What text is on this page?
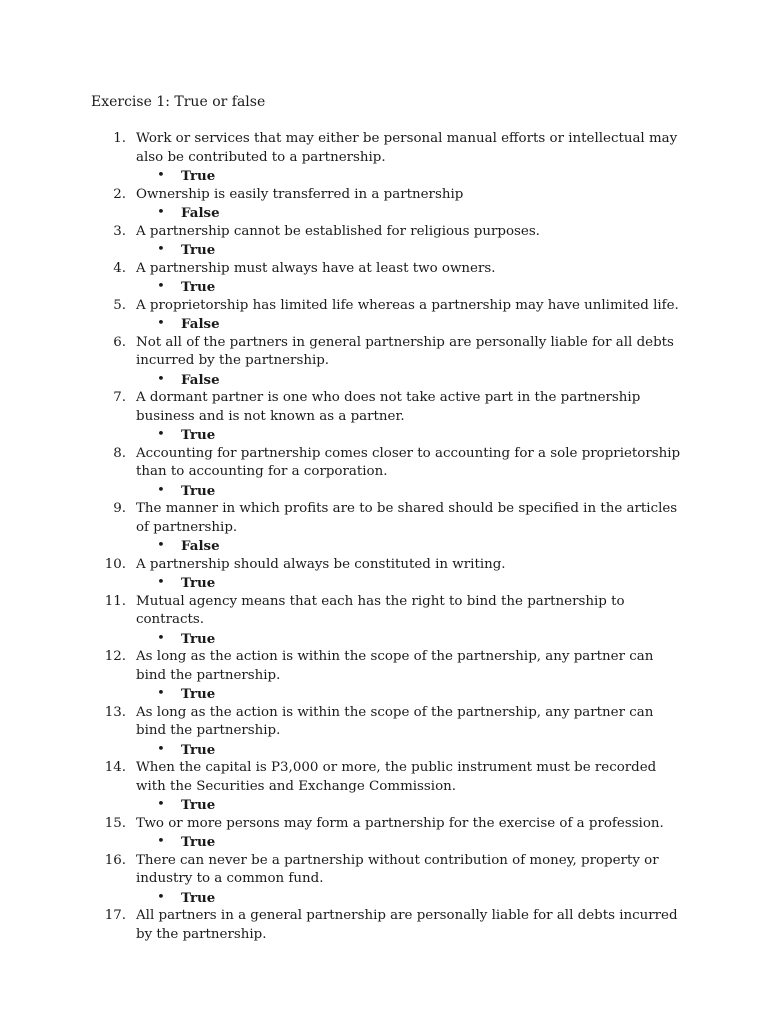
Exercise 1: True or false
1. Work or services that may either be personal manual efforts or intellectual may also be contributed to a partnership.
• True
2. Ownership is easily transferred in a partnership
• False
3. A partnership cannot be established for religious purposes.
• True
4. A partnership must always have at least two owners.
• True
5. A proprietorship has limited life whereas a partnership may have unlimited life.
• False
6. Not all of the partners in general partnership are personally liable for all debts incurred by the partnership.
• False
7. A dormant partner is one who does not take active part in the partnership business and is not known as a partner.
• True
8. Accounting for partnership comes closer to accounting for a sole proprietorship than to accounting for a corporation.
• True
9. The manner in which profits are to be shared should be specified in the articles of partnership.
• False
10. A partnership should always be constituted in writing.
• True
11. Mutual agency means that each has the right to bind the partnership to contracts.
• True
12. As long as the action is within the scope of the partnership, any partner can bind the partnership.
• True
13. As long as the action is within the scope of the partnership, any partner can bind the partnership.
• True
14. When the capital is P3,000 or more, the public instrument must be recorded with the Securities and Exchange Commission.
• True
15. Two or more persons may form a partnership for the exercise of a profession.
• True
16. There can never be a partnership without contribution of money, property or industry to a common fund.
• True
17. All partners in a general partnership are personally liable for all debts incurred by the partnership.
